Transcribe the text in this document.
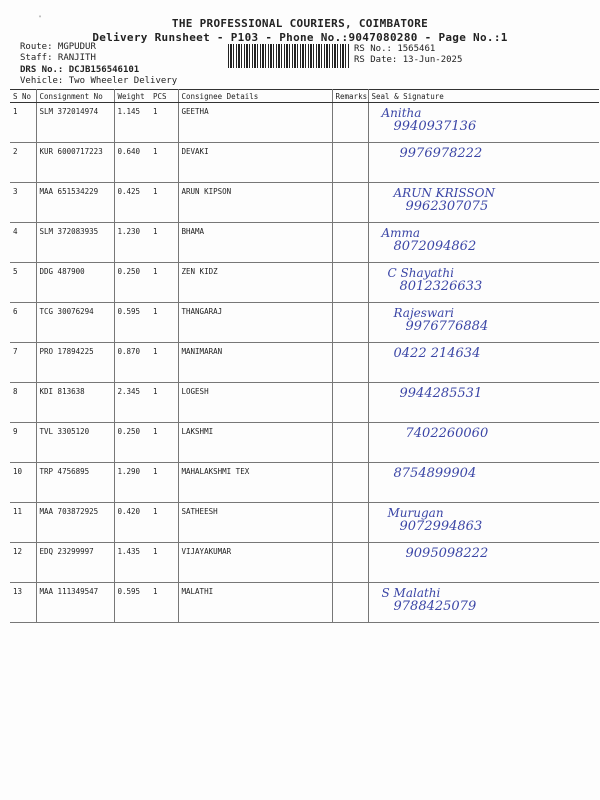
"	THE PROFESSIONAL COURIERS, COIMBATORE
Delivery Runsheet - P103 - Phone No.:9047080280 - Page No.:1
Route: MGPUDUR
Staff: RANJITH
DRS No.: DCJB156546101
Vehicle: Two Wheeler Delivery
RS No.: 1565461
RS Date: 13-Jun-2025
S No	Consignment No	Weight	PCS	Consignee Details	Remarks	Seal & Signature
1	SLM 372014974	1.145	1	GEETHA		Anitha
9940937136

2	KUR 6000717223	0.640	1	DEVAKI		9976978222

3	MAA 651534229	0.425	1	ARUN KIPSON		ARUN KRISSON
9962307075

4	SLM 372083935	1.230	1	BHAMA		Amma
8072094862

5	DDG 487900	0.250	1	ZEN KIDZ		C Shayathi
8012326633

6	TCG 30076294	0.595	1	THANGARAJ		Rajeswari
9976776884

7	PRO 17894225	0.870	1	MANIMARAN		0422 214634

8	KDI 813638	2.345	1	LOGESH		9944285531

9	TVL 3305120	0.250	1	LAKSHMI		7402260060

10	TRP 4756895	1.290	1	MAHALAKSHMI TEX		8754899904

11	MAA 703872925	0.420	1	SATHEESH		Murugan
9072994863

12	EDQ 23299997	1.435	1	VIJAYAKUMAR		9095098222

13	MAA 111349547	0.595	1	MALATHI		S Malathi
9788425079
